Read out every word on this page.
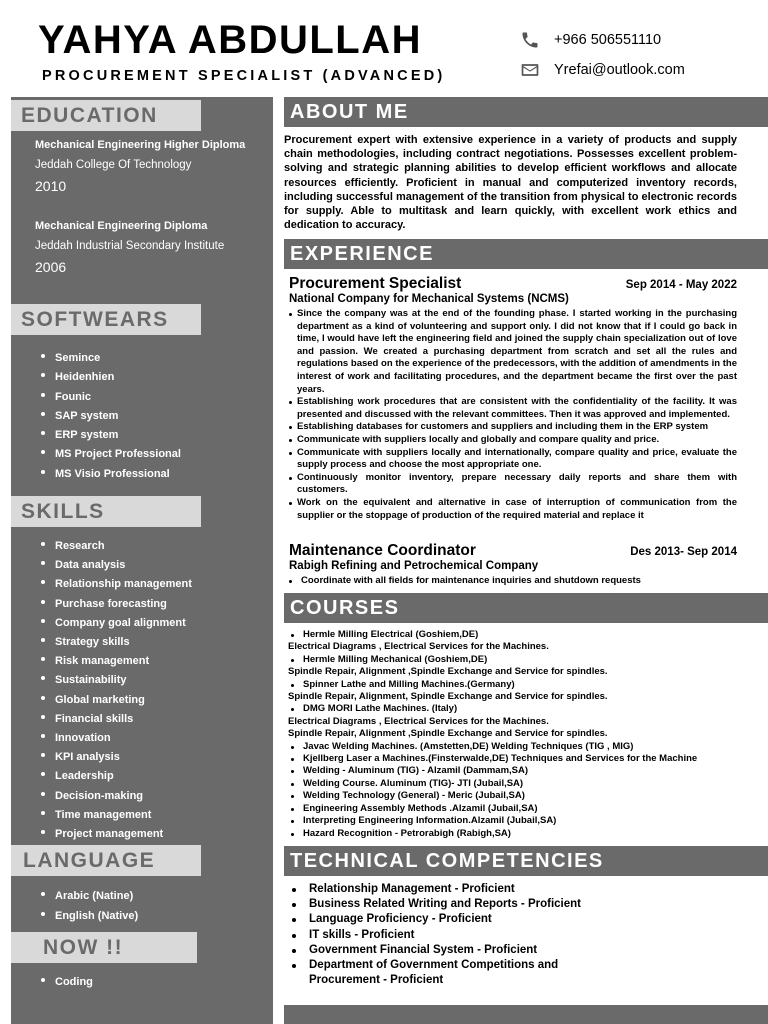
YAHYA ABDULLAH
PROCUREMENT SPECIALIST (ADVANCED)
+966 506551110
Yrefai@outlook.com
EDUCATION
Mechanical Engineering Higher Diploma
Jeddah College Of Technology
2010
Mechanical Engineering Diploma
Jeddah Industrial Secondary Institute
2006
SOFTWEARS
Semince
Heidenhien
Founic
SAP system
ERP system
MS Project Professional
MS Visio Professional
SKILLS
Research
Data analysis
Relationship management
Purchase forecasting
Company goal alignment
Strategy skills
Risk management
Sustainability
Global marketing
Financial skills
Innovation
KPI analysis
Leadership
Decision-making
Time management
Project management
LANGUAGE
Arabic (Natine)
English (Native)
NOW !!
Coding
ABOUT ME
Procurement expert with extensive experience in a variety of products and supply chain methodologies, including contract negotiations. Possesses excellent problem-solving and strategic planning abilities to develop efficient workflows and allocate resources efficiently. Proficient in manual and computerized inventory records, including successful management of the transition from physical to electronic records for supply. Able to multitask and learn quickly, with excellent work ethics and dedication to accuracy.
EXPERIENCE
Procurement Specialist	Sep 2014 - May 2022
National Company for Mechanical Systems (NCMS)
Since the company was at the end of the founding phase. I started working in the purchasing department as a kind of volunteering and support only. I did not know that if I could go back in time, I would have left the engineering field and joined the supply chain specialization out of love and passion. We created a purchasing department from scratch and set all the rules and regulations based on the experience of the predecessors, with the addition of amendments in the interest of work and facilitating procedures, and the department became the first over the past years.
Establishing work procedures that are consistent with the confidentiality of the facility. It was presented and discussed with the relevant committees. Then it was approved and implemented.
Establishing databases for customers and suppliers and including them in the ERP system
Communicate with suppliers locally and globally and compare quality and price.
Communicate with suppliers locally and internationally, compare quality and price, evaluate the supply process and choose the most appropriate one.
Continuously monitor inventory, prepare necessary daily reports and share them with customers.
Work on the equivalent and alternative in case of interruption of communication from the supplier or the stoppage of production of the required material and replace it
Maintenance Coordinator	Des 2013- Sep 2014
Rabigh Refining and Petrochemical Company
Coordinate with all fields for maintenance inquiries and shutdown requests
COURSES
Hermle Milling Electrical (Goshiem,DE)
Electrical Diagrams , Electrical Services for the Machines.
Hermle Milling Mechanical (Goshiem,DE)
Spindle Repair, Alignment ,Spindle Exchange and Service for spindles.
Spinner Lathe and Milling Machines.(Germany)
Spindle Repair, Alignment, Spindle Exchange and Service for spindles.
DMG MORI Lathe Machines. (Italy)
Electrical Diagrams , Electrical Services for the Machines.
Spindle Repair, Alignment ,Spindle Exchange and Service for spindles.
Javac Welding Machines. (Amstetten,DE) Welding Techniques (TIG , MIG)
Kjellberg Laser a Machines.(Finsterwalde,DE) Techniques and Services for the Machine
Welding - Aluminum (TIG) - Alzamil (Dammam,SA)
Welding Course. Aluminum (TIG)- JTI (Jubail,SA)
Welding Technology (General) - Meric (Jubail,SA)
Engineering Assembly Methods .Alzamil (Jubail,SA)
Interpreting Engineering Information.Alzamil (Jubail,SA)
Hazard Recognition - Petrorabigh (Rabigh,SA)
TECHNICAL COMPETENCIES
Relationship Management - Proficient
Business Related Writing and Reports - Proficient
Language Proficiency - Proficient
IT skills - Proficient
Government Financial System - Proficient
Department of Government Competitions and
Procurement - Proficient
